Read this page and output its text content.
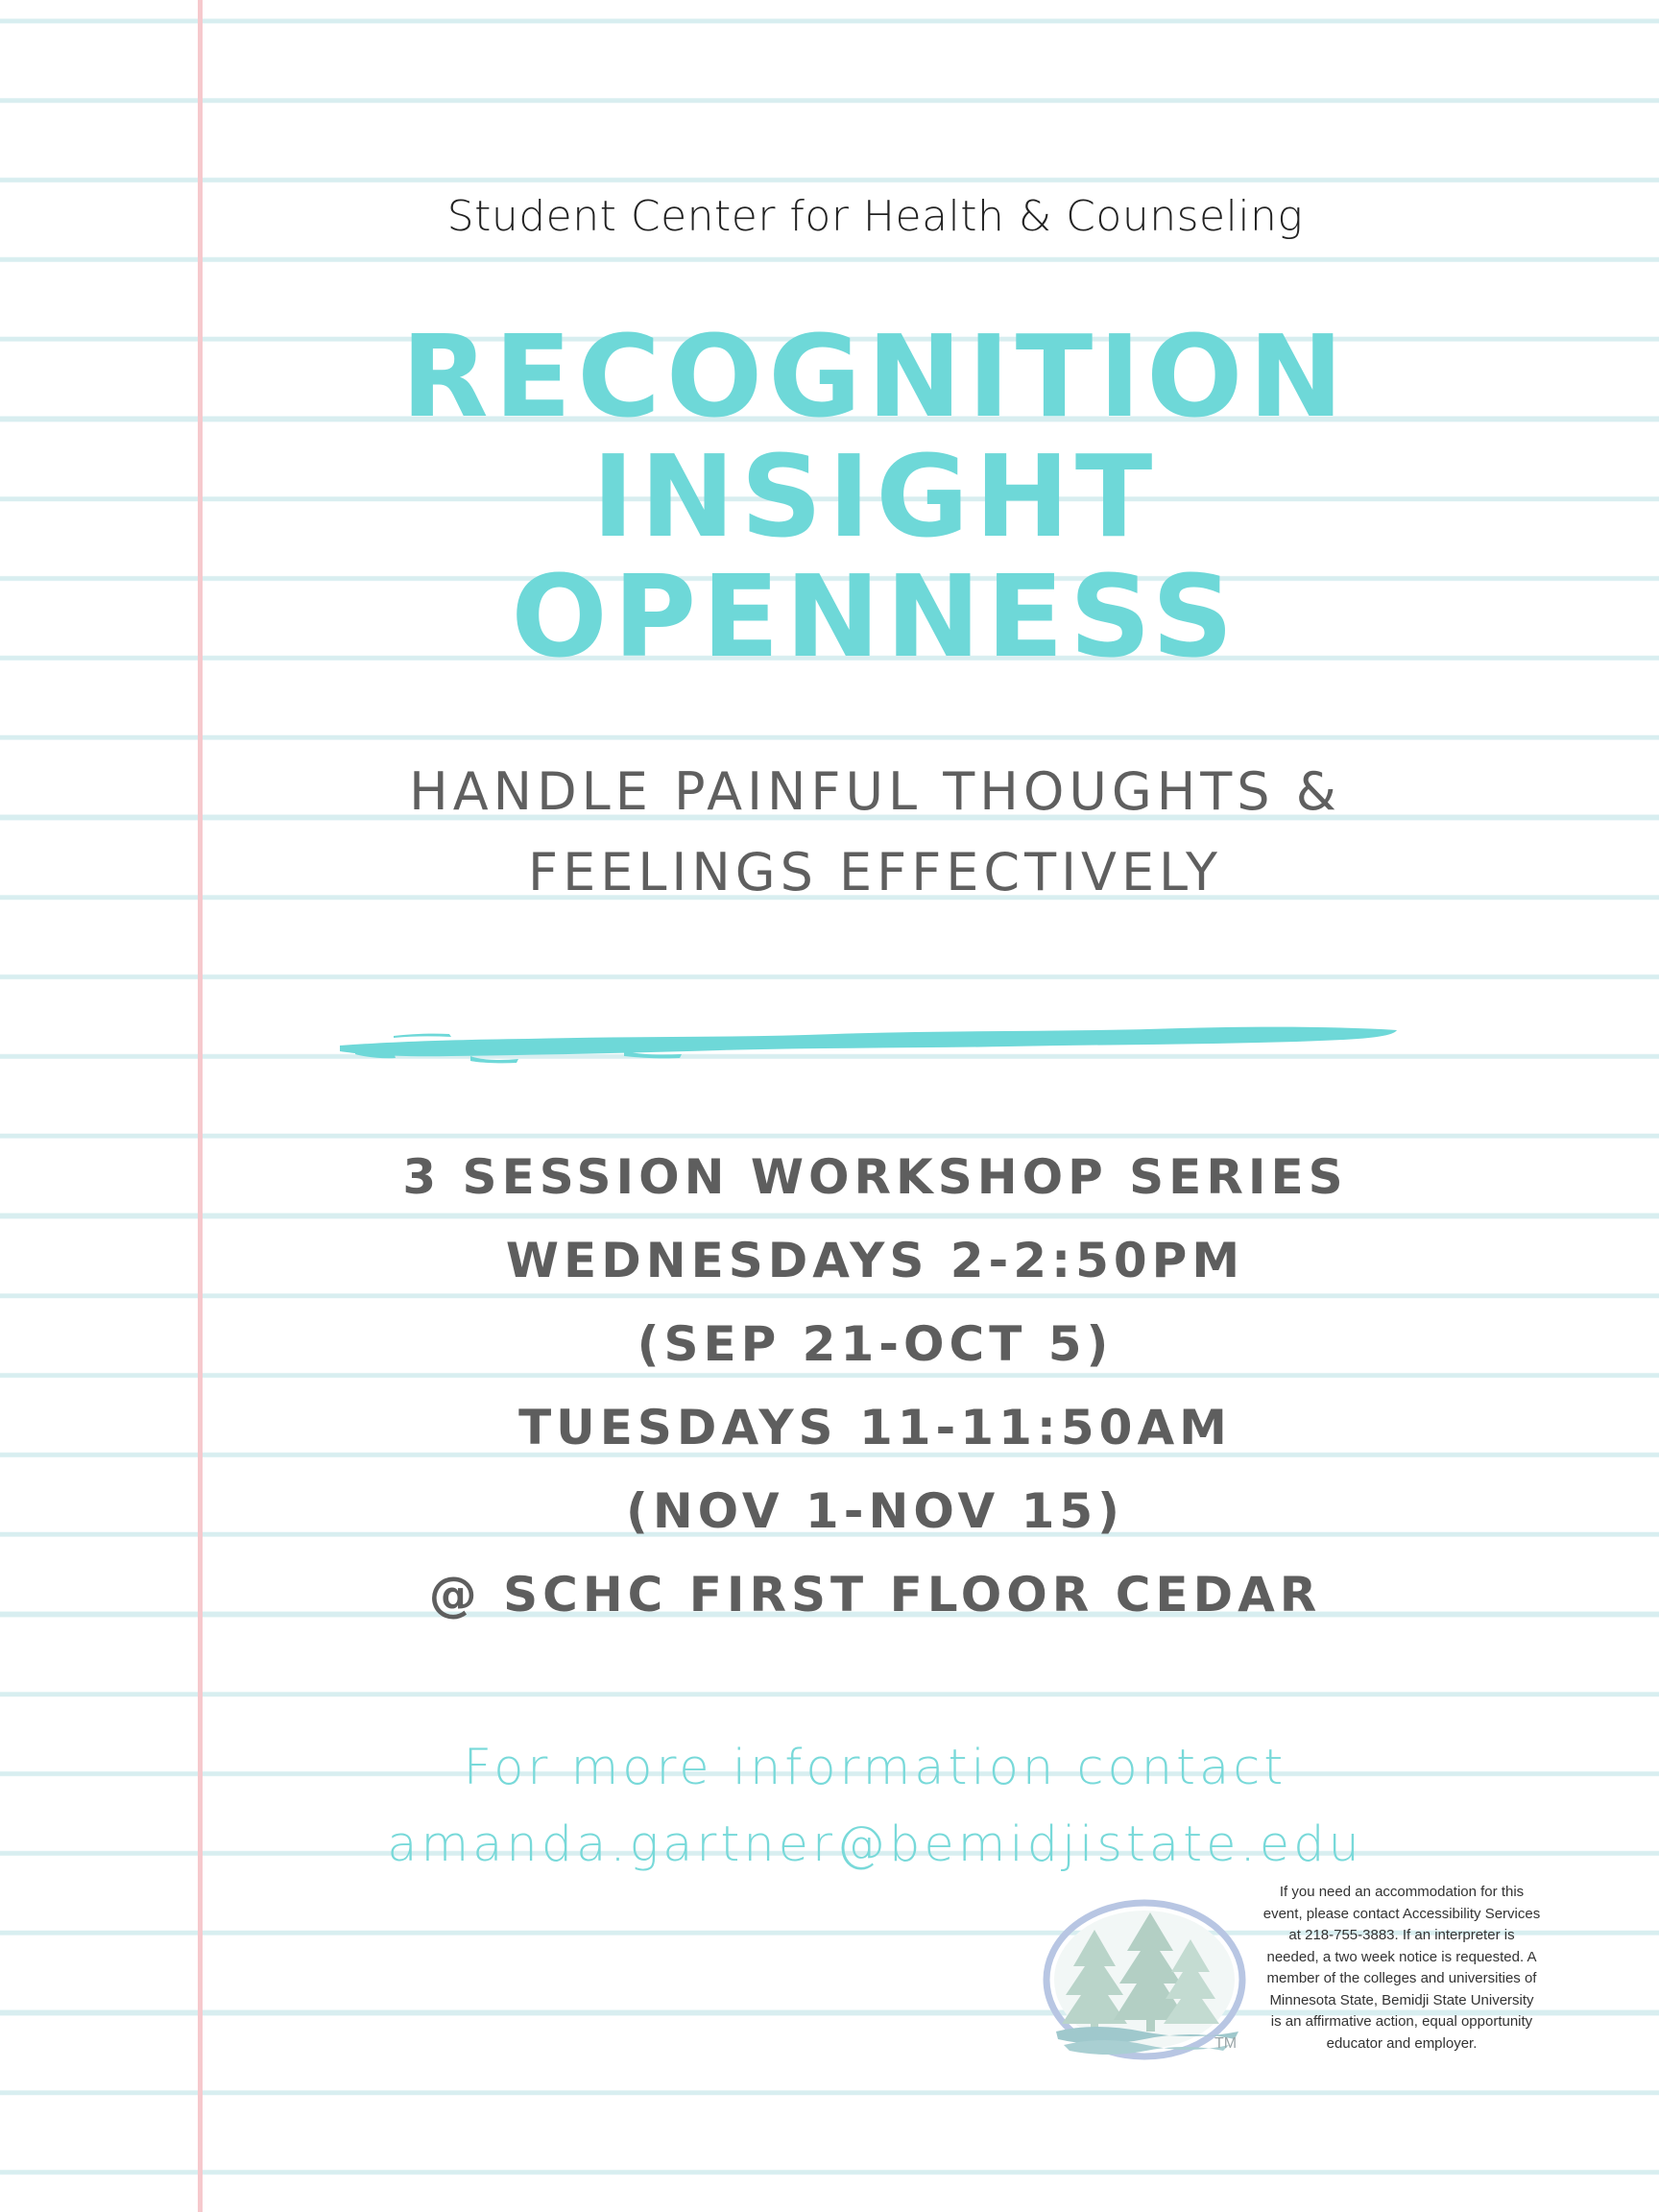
Student Center for Health & Counseling
RECOGNITION
INSIGHT
OPENNESS
HANDLE PAINFUL THOUGHTS &
FEELINGS EFFECTIVELY
3 SESSION WORKSHOP SERIES
WEDNESDAYS 2-2:50PM
(SEP 21-OCT 5)
TUESDAYS 11-11:50AM
(NOV 1-NOV 15)
@ SCHC FIRST FLOOR CEDAR
For more information contact
amanda.gartner@bemidjistate.edu
TM
If you need an accommodation for this event, please contact Accessibility Services at 218-755-3883. If an interpreter is needed, a two week notice is requested. A member of the colleges and universities of Minnesota State, Bemidji State University is an affirmative action, equal opportunity educator and employer.
